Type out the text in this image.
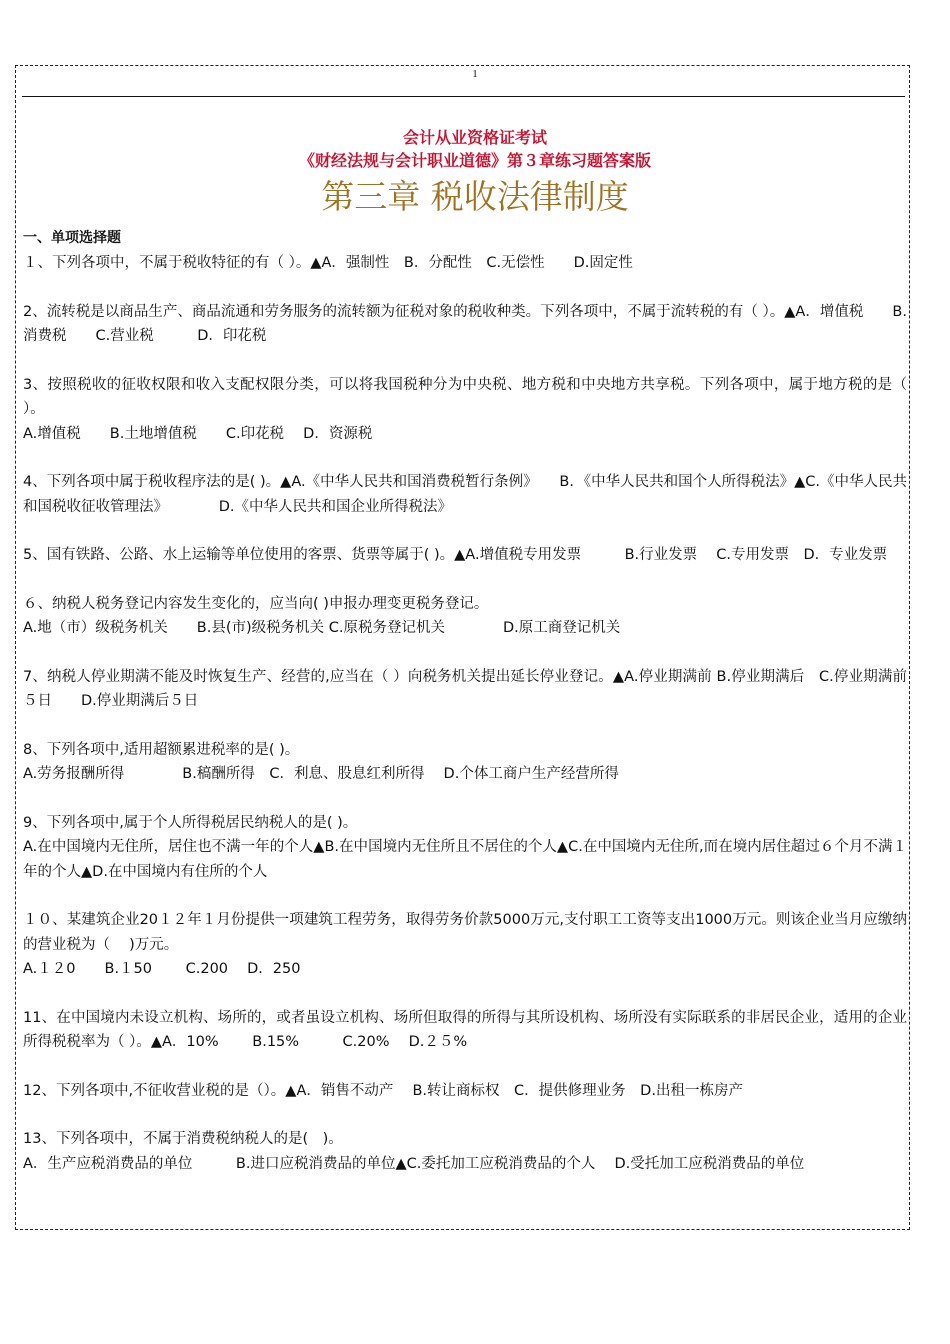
1
会计从业资格证考试
《财经法规与会计职业道德》第３章练习题答案版
第三章 税收法律制度
一、单项选择题

１、下列各项中，不属于税收特征的有（ ）。▲A．强制性　B．分配性　C.无偿性　　D.固定性

2、流转税是以商品生产、商品流通和劳务服务的流转额为征税对象的税收种类。下列各项中，不属于流转税的有（ ）。▲A．增值税　　B.消费税　　C.营业税　　　D．印花税

3、按照税收的征收权限和收入支配权限分类，可以将我国税种分为中央税、地方税和中央地方共享税。下列各项中，属于地方税的是（ ）。

A.增值税　　B.土地增值税　　C.印花税　 D．资源税

4、下列各项中属于税收程序法的是( )。▲A.《中华人民共和国消费税暂行条例》　　B．《中华人民共和国个人所得税法》▲C.《中华人民共和国税收征收管理法》　　　　D.《中华人民共和国企业所得税法》

5、国有铁路、公路、水上运输等单位使用的客票、货票等属于( )。▲A.增值税专用发票　　　B.行业发票　 C.专用发票　D．专业发票

６、纳税人税务登记内容发生变化的，应当向( )申报办理变更税务登记。

A.地（市）级税务机关　　B.县(市)级税务机关 C.原税务登记机关　　　　D.原工商登记机关

7、纳税人停业期满不能及时恢复生产、经营的,应当在（ ）向税务机关提出延长停业登记。▲A.停业期满前 B.停业期满后　C.停业期满前５日　　D.停业期满后５日

8、下列各项中,适用超额累进税率的是( )。

A.劳务报酬所得　　　　B.稿酬所得　C．利息、股息红利所得　 D.个体工商户生产经营所得

9、下列各项中,属于个人所得税居民纳税人的是( )。

A.在中国境内无住所，居住也不满一年的个人▲B.在中国境内无住所且不居住的个人▲C.在中国境内无住所,而在境内居住超过６个月不满１年的个人▲D.在中国境内有住所的个人

１０、某建筑企业20１２年１月份提供一项建筑工程劳务，取得劳务价款5000万元,支付职工工资等支出1000万元。则该企业当月应缴纳的营业税为（　 )万元。

A.１２0　　B.１50　　 C.200　 D．250

11、在中国境内未设立机构、场所的，或者虽设立机构、场所但取得的所得与其所设机构、场所没有实际联系的非居民企业，适用的企业所得税税率为（ ）。▲A．10%　　 B.15%　　　C.20%　 D.２５%

12、下列各项中,不征收营业税的是（）。▲A．销售不动产　 B.转让商标权　C．提供修理业务　D.出租一栋房产

13、下列各项中，不属于消费税纳税人的是(　)。

A．生产应税消费品的单位　　　B.进口应税消费品的单位▲C.委托加工应税消费品的个人　 D.受托加工应税消费品的单位
